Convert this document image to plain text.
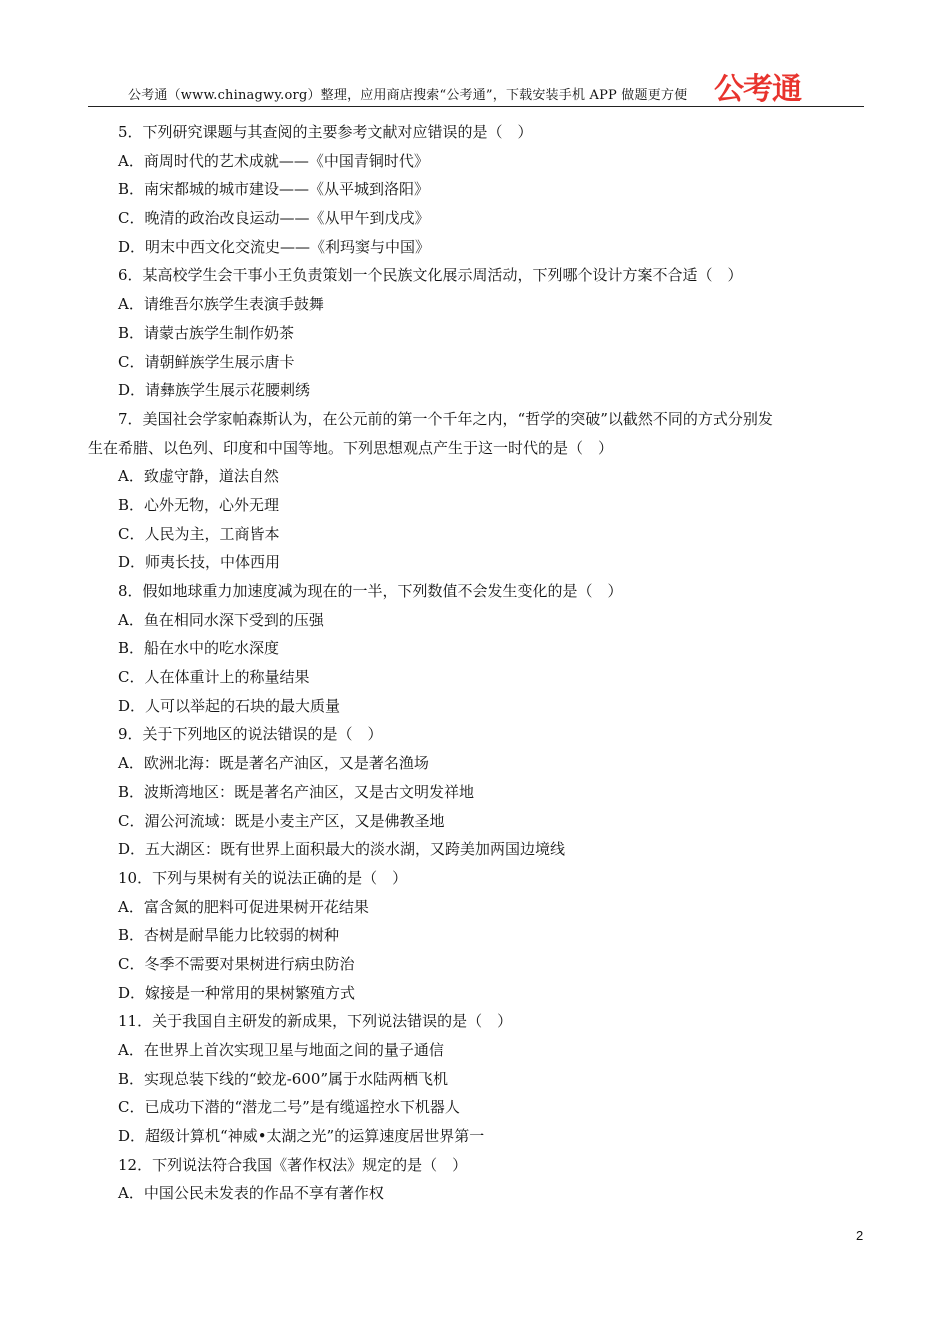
公考通（www.chinagwy.org）整理，应用商店搜索“公考通”，下载安装手机 APP 做题更方便 公考通
5．下列研究课题与其查阅的主要参考文献对应错误的是（　）
A．商周时代的艺术成就——《中国青铜时代》
B．南宋都城的城市建设——《从平城到洛阳》
C．晚清的政治改良运动——《从甲午到戊戌》
D．明末中西文化交流史——《利玛窦与中国》
6．某高校学生会干事小王负责策划一个民族文化展示周活动，下列哪个设计方案不合适（　）
A．请维吾尔族学生表演手鼓舞
B．请蒙古族学生制作奶茶
C．请朝鲜族学生展示唐卡
D．请彝族学生展示花腰刺绣
7．美国社会学家帕森斯认为，在公元前的第一个千年之内，“哲学的突破”以截然不同的方式分别发
生在希腊、以色列、印度和中国等地。下列思想观点产生于这一时代的是（　）
A．致虚守静，道法自然
B．心外无物，心外无理
C．人民为主，工商皆本
D．师夷长技，中体西用
8．假如地球重力加速度减为现在的一半，下列数值不会发生变化的是（　）
A．鱼在相同水深下受到的压强
B．船在水中的吃水深度
C．人在体重计上的称量结果
D．人可以举起的石块的最大质量
9．关于下列地区的说法错误的是（　）
A．欧洲北海：既是著名产油区，又是著名渔场
B．波斯湾地区：既是著名产油区，又是古文明发祥地
C．湄公河流域：既是小麦主产区，又是佛教圣地
D．五大湖区：既有世界上面积最大的淡水湖，又跨美加两国边境线
10．下列与果树有关的说法正确的是（　）
A．富含氮的肥料可促进果树开花结果
B．杏树是耐旱能力比较弱的树种
C．冬季不需要对果树进行病虫防治
D．嫁接是一种常用的果树繁殖方式
11．关于我国自主研发的新成果，下列说法错误的是（　）
A．在世界上首次实现卫星与地面之间的量子通信
B．实现总装下线的“蛟龙-600”属于水陆两栖飞机
C．已成功下潜的“潜龙二号”是有缆遥控水下机器人
D．超级计算机“神威•太湖之光”的运算速度居世界第一
12．下列说法符合我国《著作权法》规定的是（　）
A．中国公民未发表的作品不享有著作权
2
